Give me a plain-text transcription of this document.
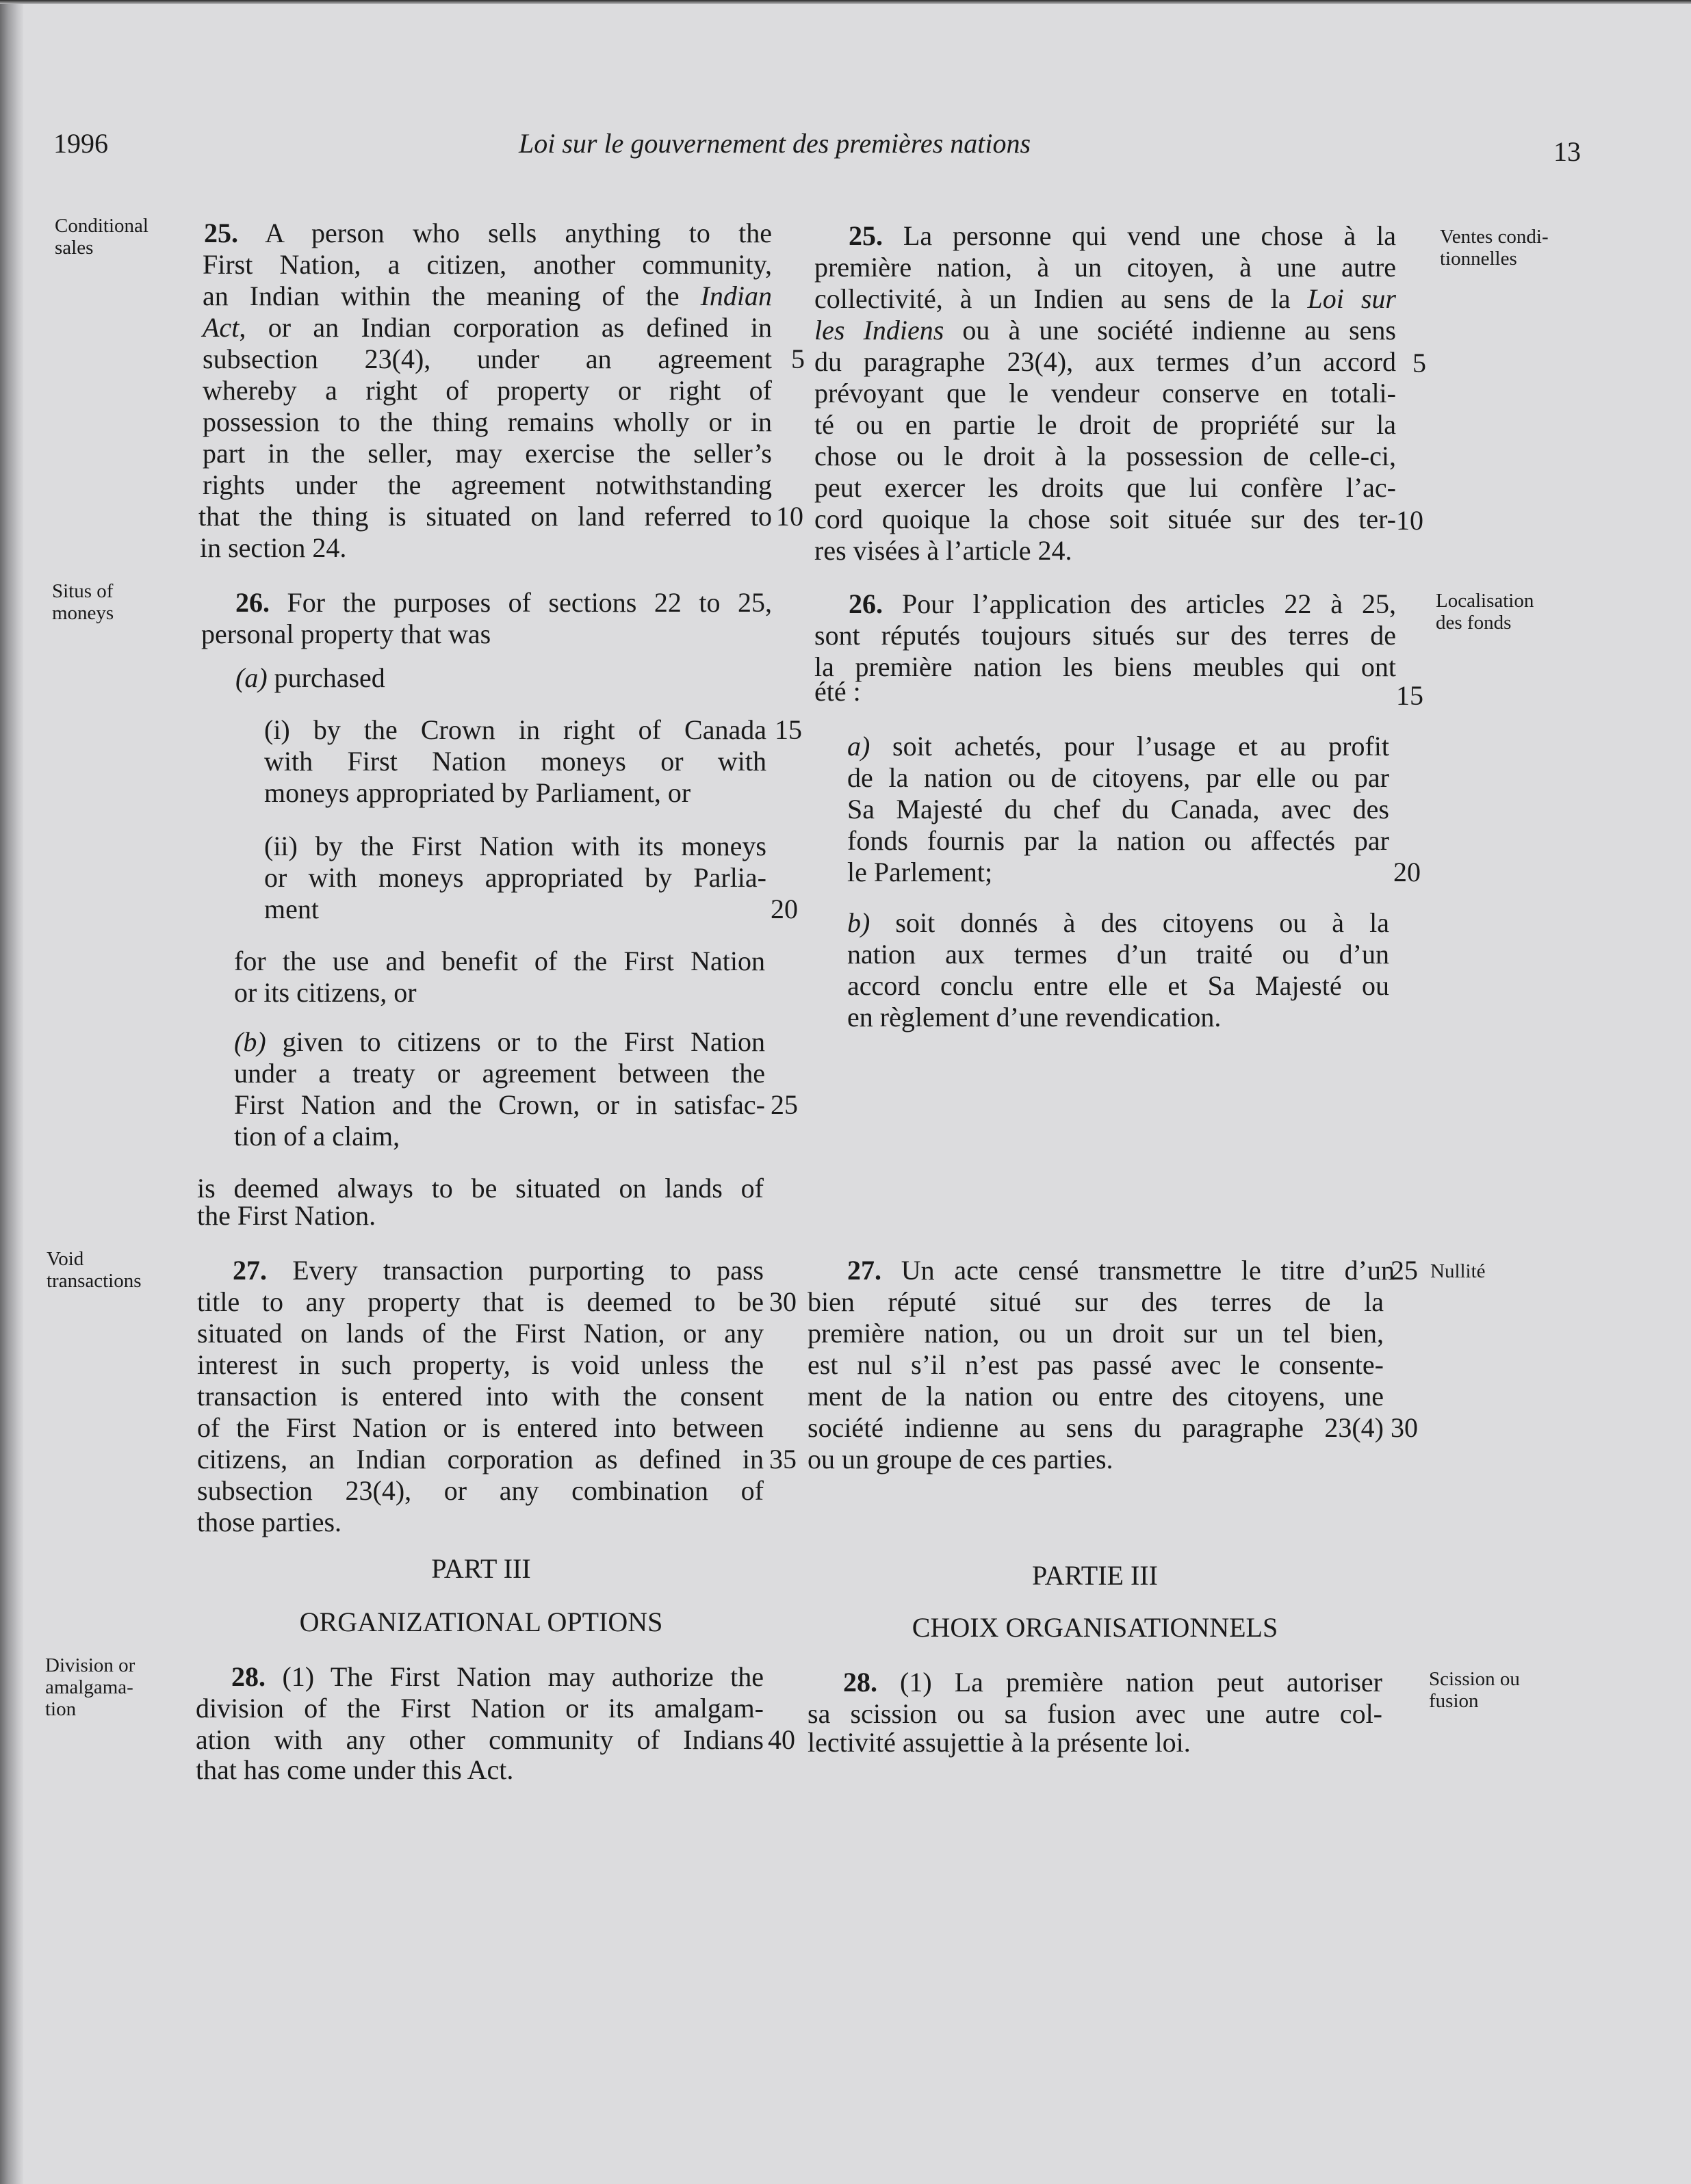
1996	Loi sur le gouvernement des premières nations	13
Conditional
sales
Situs of
moneys
Void
transactions
Division or
amalgama-
tion
Ventes condi-
tionnelles
Localisation
des fonds
Nullité
Scission ou
fusion
25. A person who sells anything to the
First Nation, a citizen, another community,
an Indian within the meaning of the Indian
Act, or an Indian corporation as defined in
subsection 23(4), under an agreement
whereby a right of property or right of
possession to the thing remains wholly or in
part in the seller, may exercise the seller’s
rights under the agreement notwithstanding
that the thing is situated on land referred to
in section 24.
26. For the purposes of sections 22 to 25,
personal property that was
(a) purchased
(i) by the Crown in right of Canada
with First Nation moneys or with
moneys appropriated by Parliament, or
(ii) by the First Nation with its moneys
or with moneys appropriated by Parlia-
ment
for the use and benefit of the First Nation
or its citizens, or
(b) given to citizens or to the First Nation
under a treaty or agreement between the
First Nation and the Crown, or in satisfac-
tion of a claim,
is deemed always to be situated on lands of
the First Nation.
27. Every transaction purporting to pass
title to any property that is deemed to be
situated on lands of the First Nation, or any
interest in such property, is void unless the
transaction is entered into with the consent
of the First Nation or is entered into between
citizens, an Indian corporation as defined in
subsection 23(4), or any combination of
those parties.
PART III
ORGANIZATIONAL OPTIONS
28. (1) The First Nation may authorize the
division of the First Nation or its amalgam-
ation with any other community of Indians
that has come under this Act.
5
10
15
20
25
30
35
40
25. La personne qui vend une chose à la
première nation, à un citoyen, à une autre
collectivité, à un Indien au sens de la Loi sur
les Indiens ou à une société indienne au sens
du paragraphe 23(4), aux termes d’un accord
prévoyant que le vendeur conserve en totali-
té ou en partie le droit de propriété sur la
chose ou le droit à la possession de celle-ci,
peut exercer les droits que lui confère l’ac-
cord quoique la chose soit située sur des ter-
res visées à l’article 24.
26. Pour l’application des articles 22 à 25,
sont réputés toujours situés sur des terres de
la première nation les biens meubles qui ont
été :
a) soit achetés, pour l’usage et au profit
de la nation ou de citoyens, par elle ou par
Sa Majesté du chef du Canada, avec des
fonds fournis par la nation ou affectés par
le Parlement;
b) soit donnés à des citoyens ou à la
nation aux termes d’un traité ou d’un
accord conclu entre elle et Sa Majesté ou
en règlement d’une revendication.
27. Un acte censé transmettre le titre d’un
bien réputé situé sur des terres de la
première nation, ou un droit sur un tel bien,
est nul s’il n’est pas passé avec le consente-
ment de la nation ou entre des citoyens, une
société indienne au sens du paragraphe 23(4)
ou un groupe de ces parties.
PARTIE III
CHOIX ORGANISATIONNELS
28. (1) La première nation peut autoriser
sa scission ou sa fusion avec une autre col-
lectivité assujettie à la présente loi.
5
10
15
20
25
30
